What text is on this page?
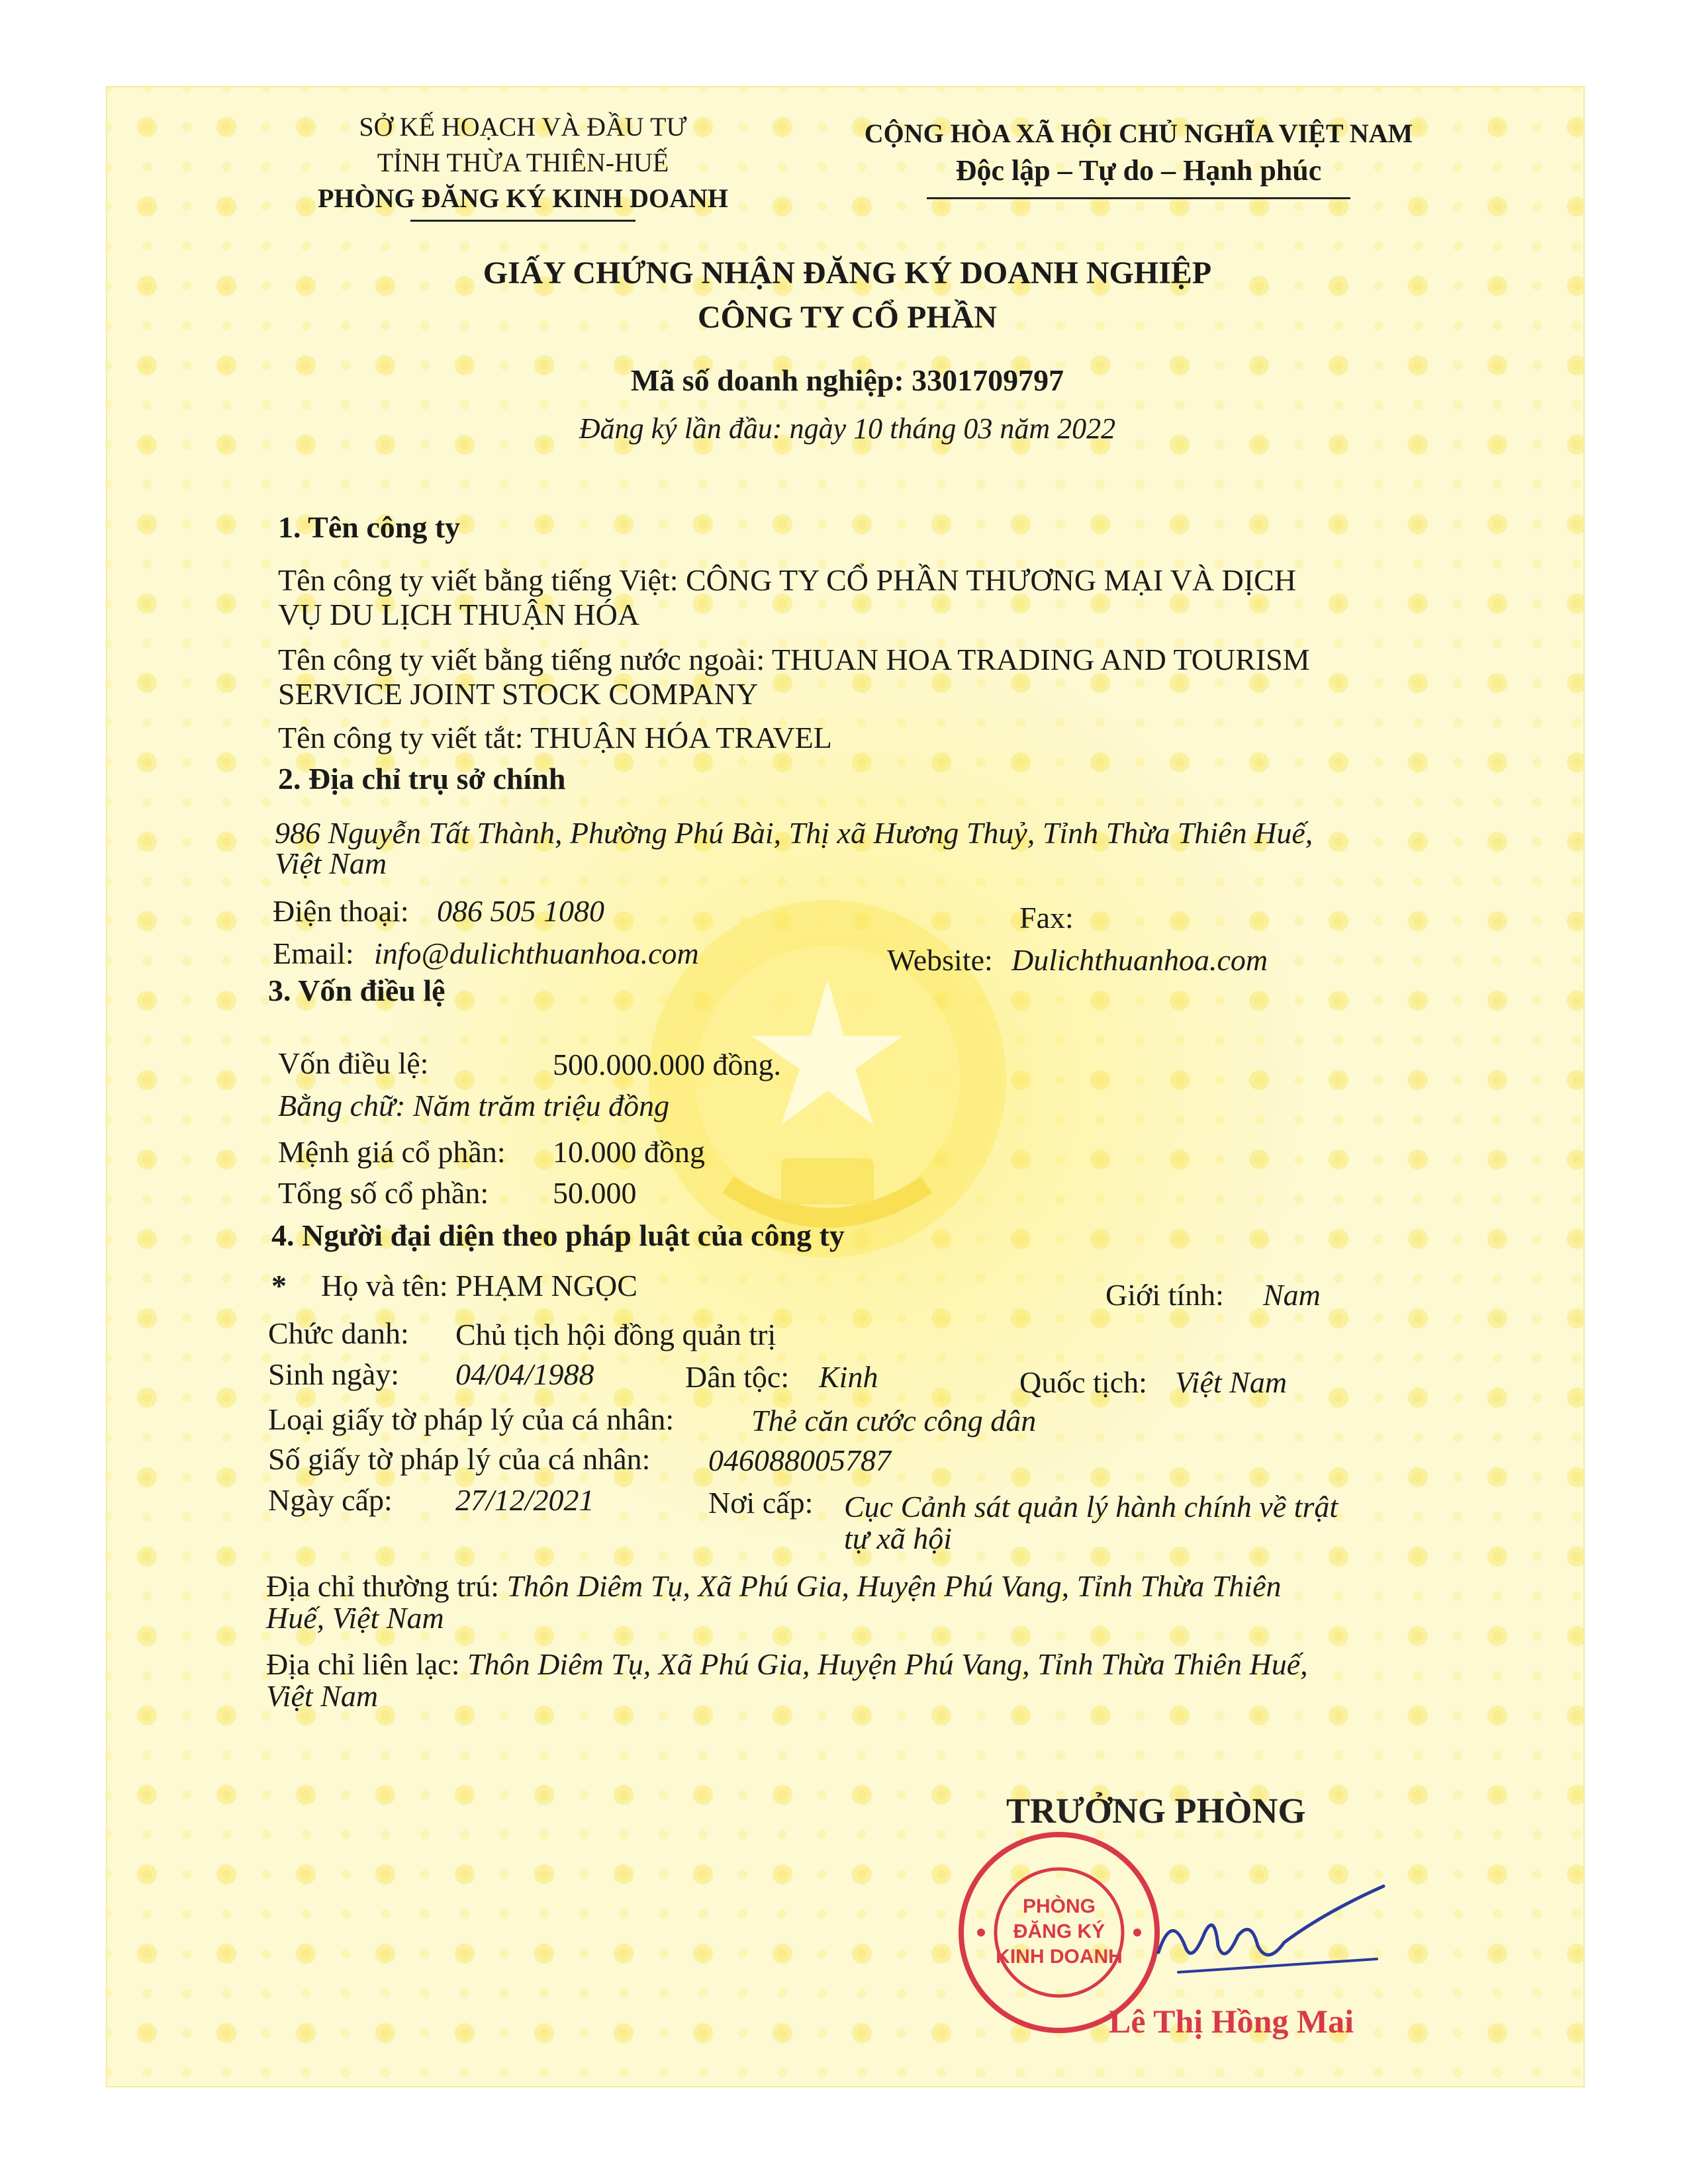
SỞ KẾ HOẠCH VÀ ĐẦU TƯ
TỈNH THỪA THIÊN-HUẾ
PHÒNG ĐĂNG KÝ KINH DOANH
CỘNG HÒA XÃ HỘI CHỦ NGHĨA VIỆT NAM
Độc lập – Tự do – Hạnh phúc
GIẤY CHỨNG NHẬN ĐĂNG KÝ DOANH NGHIỆP
CÔNG TY CỔ PHẦN
Mã số doanh nghiệp: 3301709797
Đăng ký lần đầu: ngày 10 tháng 03 năm 2022
1. Tên công ty
Tên công ty viết bằng tiếng Việt: CÔNG TY CỔ PHẦN THƯƠNG MẠI VÀ DỊCH
VỤ DU LỊCH THUẬN HÓA
Tên công ty viết bằng tiếng nước ngoài: THUAN HOA TRADING AND TOURISM
SERVICE JOINT STOCK COMPANY
Tên công ty viết tắt: THUẬN HÓA TRAVEL
2. Địa chỉ trụ sở chính
986 Nguyễn Tất Thành, Phường Phú Bài, Thị xã Hương Thuỷ, Tỉnh Thừa Thiên Huế,
Việt Nam
Điện thoại: 086 505 1080	Fax:
Email: info@dulichthuanhoa.com	Website: Dulichthuanhoa.com
3. Vốn điều lệ
Vốn điều lệ:	500.000.000 đồng.
Bằng chữ: Năm trăm triệu đồng
Mệnh giá cổ phần: 10.000 đồng
Tổng số cổ phần: 50.000
4. Người đại diện theo pháp luật của công ty
* Họ và tên: PHẠM NGỌC	Giới tính: Nam
Chức danh: Chủ tịch hội đồng quản trị
Sinh ngày: 04/04/1988	Dân tộc: Kinh	Quốc tịch: Việt Nam
Loại giấy tờ pháp lý của cá nhân:	Thẻ căn cước công dân
Số giấy tờ pháp lý của cá nhân: 046088005787
Ngày cấp: 27/12/2021	Nơi cấp: Cục Cảnh sát quản lý hành chính về trật
tự xã hội
Địa chỉ thường trú: Thôn Diêm Tụ, Xã Phú Gia, Huyện Phú Vang, Tỉnh Thừa Thiên
Huế, Việt Nam
Địa chỉ liên lạc: Thôn Diêm Tụ, Xã Phú Gia, Huyện Phú Vang, Tỉnh Thừa Thiên Huế,
Việt Nam
TRƯỞNG PHÒNG
PHÒNG
ĐĂNG KÝ
KINH DOANH
Lê Thị Hồng Mai
